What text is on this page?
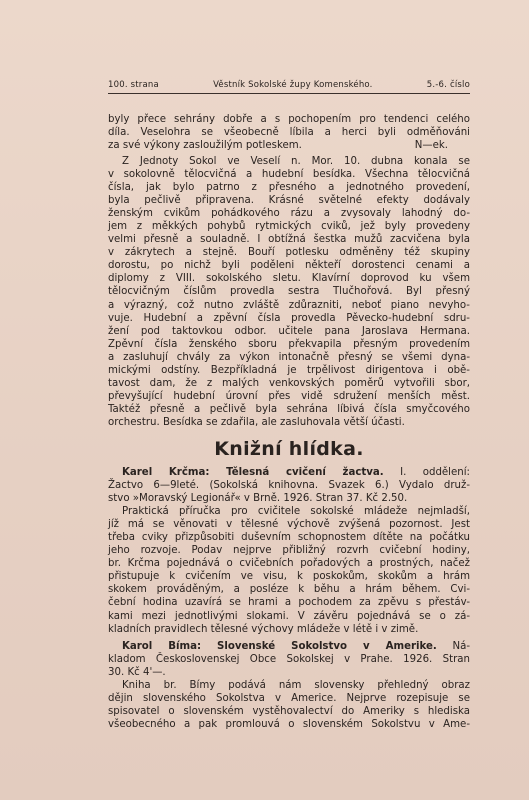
100. strana	Věstník Sokolské župy Komenského.	5.-6. číslo
byly přece sehrány dobře a s pochopením pro tendenci celého
díla. Veselohra se všeobecně líbila a herci byli odměňováni
za své výkony zasloužilým potleskem.	N—ek.
Z Jednoty Sokol ve Veselí n. Mor. 10. dubna konala se
v sokolovně tělocvičná a hudební besídka. Všechna tělocvičná
čísla, jak bylo patrno z přesného a jednotného provedení,
byla pečlivě připravena. Krásné světelné efekty dodávaly
ženským cvikům pohádkového rázu a zvysovaly lahodný do-
jem z měkkých pohybů rytmických cviků, jež byly provedeny
velmi přesně a souladně. I obtížná šestka mužů zacvičena byla
v zákrytech a stejně. Bouří potlesku odměněny též skupiny
dorostu, po nichž byli poděleni někteří dorostenci cenami a
diplomy z VIII. sokolského sletu. Klavírní doprovod ku všem
tělocvičným číslům provedla sestra Tlučhořová. Byl přesný
a výrazný, což nutno zvláště zdůrazniti, neboť piano nevyho-
vuje. Hudební a zpěvní čísla provedla Pěvecko-hudební sdru-
žení pod taktovkou odbor. učitele pana Jaroslava Hermana.
Zpěvní čísla ženského sboru překvapila přesným provedením
a zasluhují chvály za výkon intonačně přesný se všemi dyna-
mickými odstíny. Bezpříkladná je trpělivost dirigentova i obě-
tavost dam, že z malých venkovských poměrů vytvořili sbor,
převyšující hudební úrovní přes vidě sdružení menších měst.
Taktéž přesně a pečlivě byla sehrána líbivá čísla smyčcového
orchestru. Besídka se zdařila, ale zasluhovala větší účasti.
Knižní hlídka.
Karel Krčma: Tělesná cvičení žactva. I. oddělení:
Žactvo 6—9leté. (Sokolská knihovna. Svazek 6.) Vydalo druž-
stvo »Moravský Legionář« v Brně. 1926. Stran 37. Kč 2.50.
Praktická příručka pro cvičitele sokolské mládeže nejmladší,
jíž má se věnovati v tělesné výchově zvýšená pozornost. Jest
třeba cviky přizpůsobiti duševním schopnostem dítěte na počátku
jeho rozvoje. Podav nejprve přibližný rozvrh cvičební hodiny,
br. Krčma pojednává o cvičebních pořadových a prostných, načež
přistupuje k cvičením ve visu, k poskokům, skokům a hrám
skokem prováděným, a posléze k běhu a hrám během. Cvi-
čební hodina uzavírá se hrami a pochodem za zpěvu s přestáv-
kami mezi jednotlivými slokami. V závěru pojednává se o zá-
kladních pravidlech tělesné výchovy mládeže v létě i v zimě.
Karol Bíma: Slovenské Sokolstvo v Amerike. Ná-
kladom Československej Obce Sokolskej v Prahe. 1926. Stran
30. Kč 4'—.
Kniha br. Bímy podává nám slovensky přehledný obraz
dějin slovenského Sokolstva v Americe. Nejprve rozepisuje se
spisovatel o slovenském vystěhovalectví do Ameriky s hlediska
všeobecného a pak promlouvá o slovenském Sokolstvu v Ame-
